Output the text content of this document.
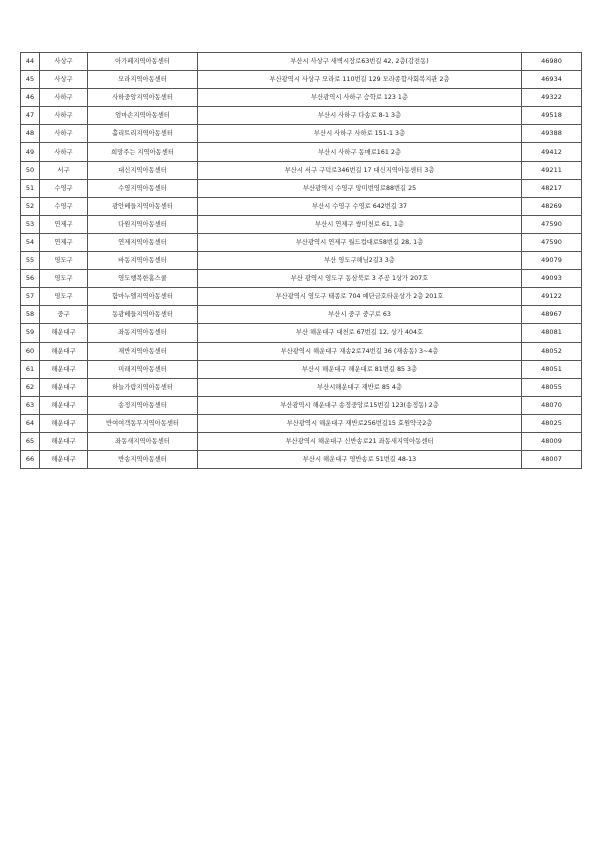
44	사상구	아가페지역아동센터	부산시 사상구 새벽시장로63번길 42, 2층(감전동)	46980
45	사상구	모라지역아동센터	부산광역시 사상구 모라로 110번길 129 모라종합사회복지관 2층	46934
46	사하구	사하중앙지역아동센터	부산광역시 사하구 승학로 123 1층	49322
47	사하구	엄마손지역아동센터	부산시 사하구 다송로 8-1 3층	49518
48	사하구	홀리트리지역아동센터	부산시 사하구 사하로 151-1 3층	49388
49	사하구	희망주는 지역아동센터	부산시 사하구 동매로161 2층	49412
50	서구	대신지역아동센터	부산시 서구 구덕로346번길 17 대신지역아동센터 3층	49211
51	수영구	수영지역아동센터	부산광역시 수영구 망미번영로88번길 25	48217
52	수영구	광안베들지역아동센터	부산시 수영구 수영로 642번길 37	48269
53	연제구	다원지역아동센터	부산시 연제구 쌍미천로 61, 1층	47590
54	연제구	연제지역아동센터	부산광역시 연제구 월드컵대로58번길 28, 1층	47590
55	영도구	바동지역아동센터	부산 영도구해님2길3 3층	49079
56	영도구	영도행복한홈스쿨	부산 광역시 영도구 동삼북로 3 주공 1상가 207호	49093
57	영도구	함마누엘지역아동센터	부산광역시 영도구 태종로 704 예단금호타운상가 2층 201호	49122
58	중구	동광베들지역아동센터	부산시 중구 중구로 63	48967
59	해운대구	좌동지역아동센터	부산 해운대구 대천로 67번길 12, 상가 404호	48081
60	해운대구	재반지역아동센터	부산광역시 해운대구 재송2로74번길 36 (재송동) 3~4층	48052
61	해운대구	미래지역아동센터	부산시 해운대구 해운대로 81번길 85 3층	48051
62	해운대구	하늘가람지역아동센터	부산시해운대구 재반로 85 4층	48055
63	해운대구	송정지역아동센터	부산광역시 해운대구 송정중앙로15번길 123(송정동) 2층	48070
64	해운대구	반여여객동무지역아동센터	부산광역시 해운대구 재반로256번길15 효원약국2층	48025
65	해운대구	좌동새지역아동센터	부산광역시 해운대구 신반송로21 좌동새지역아동센터	48009
66	해운대구	반송지역아동센터	부산시 해운대구 영반송로 51번길 48-13	48007
